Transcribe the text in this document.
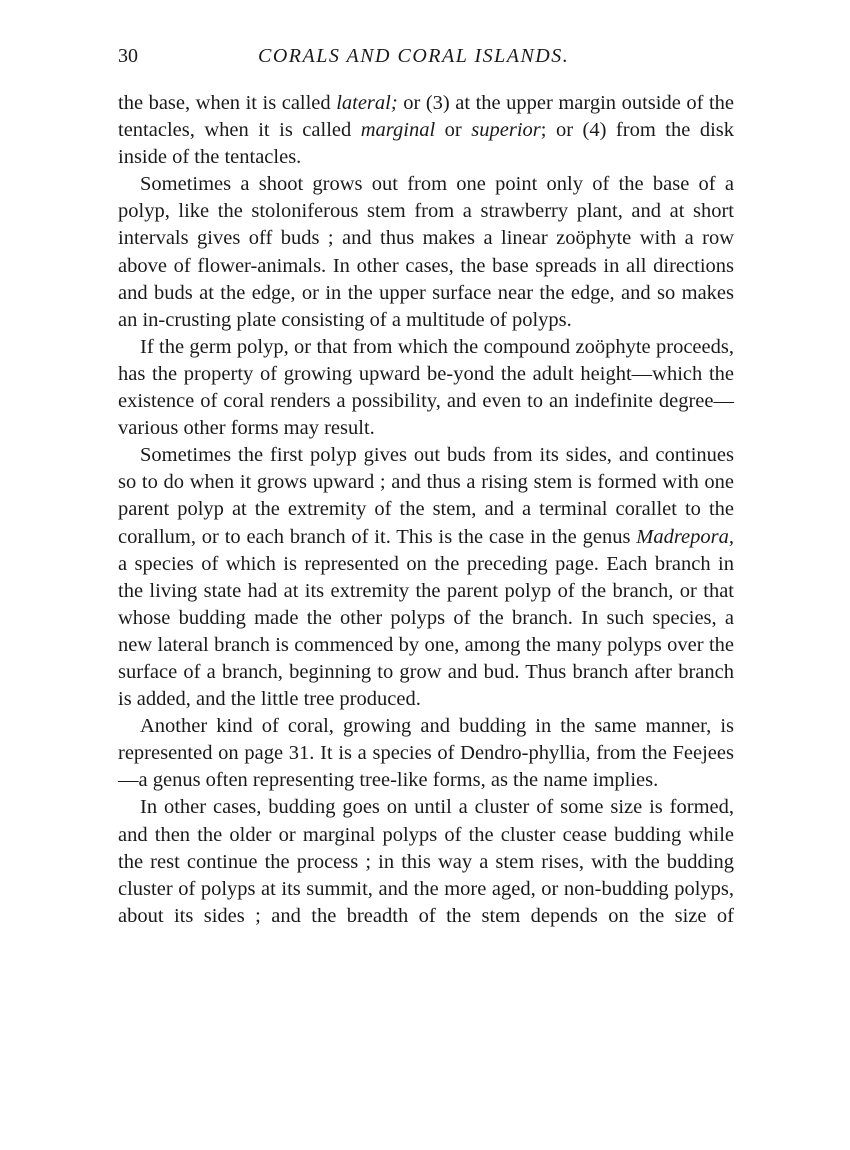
30	CORALS AND CORAL ISLANDS.

the base, when it is called lateral; or (3) at the upper margin outside of the tentacles, when it is called marginal or superior; or (4) from the disk inside of the tentacles.

Sometimes a shoot grows out from one point only of the base of a polyp, like the stoloniferous stem from a strawberry plant, and at short intervals gives off buds ; and thus makes a linear zoöphyte with a row above of flower-animals. In other cases, the base spreads in all directions and buds at the edge, or in the upper surface near the edge, and so makes an in-crusting plate consisting of a multitude of polyps.

If the germ polyp, or that from which the compound zoöphyte proceeds, has the property of growing upward be-yond the adult height—which the existence of coral renders a possibility, and even to an indefinite degree—various other forms may result.

Sometimes the first polyp gives out buds from its sides, and continues so to do when it grows upward ; and thus a rising stem is formed with one parent polyp at the extremity of the stem, and a terminal corallet to the corallum, or to each branch of it. This is the case in the genus Madrepora, a species of which is represented on the preceding page. Each branch in the living state had at its extremity the parent polyp of the branch, or that whose budding made the other polyps of the branch. In such species, a new lateral branch is commenced by one, among the many polyps over the surface of a branch, beginning to grow and bud. Thus branch after branch is added, and the little tree produced.

Another kind of coral, growing and budding in the same manner, is represented on page 31. It is a species of Dendro-phyllia, from the Feejees—a genus often representing tree-like forms, as the name implies.

In other cases, budding goes on until a cluster of some size is formed, and then the older or marginal polyps of the cluster cease budding while the rest continue the process ; in this way a stem rises, with the budding cluster of polyps at its summit, and the more aged, or non-budding polyps, about its sides ; and the breadth of the stem depends on the size of
